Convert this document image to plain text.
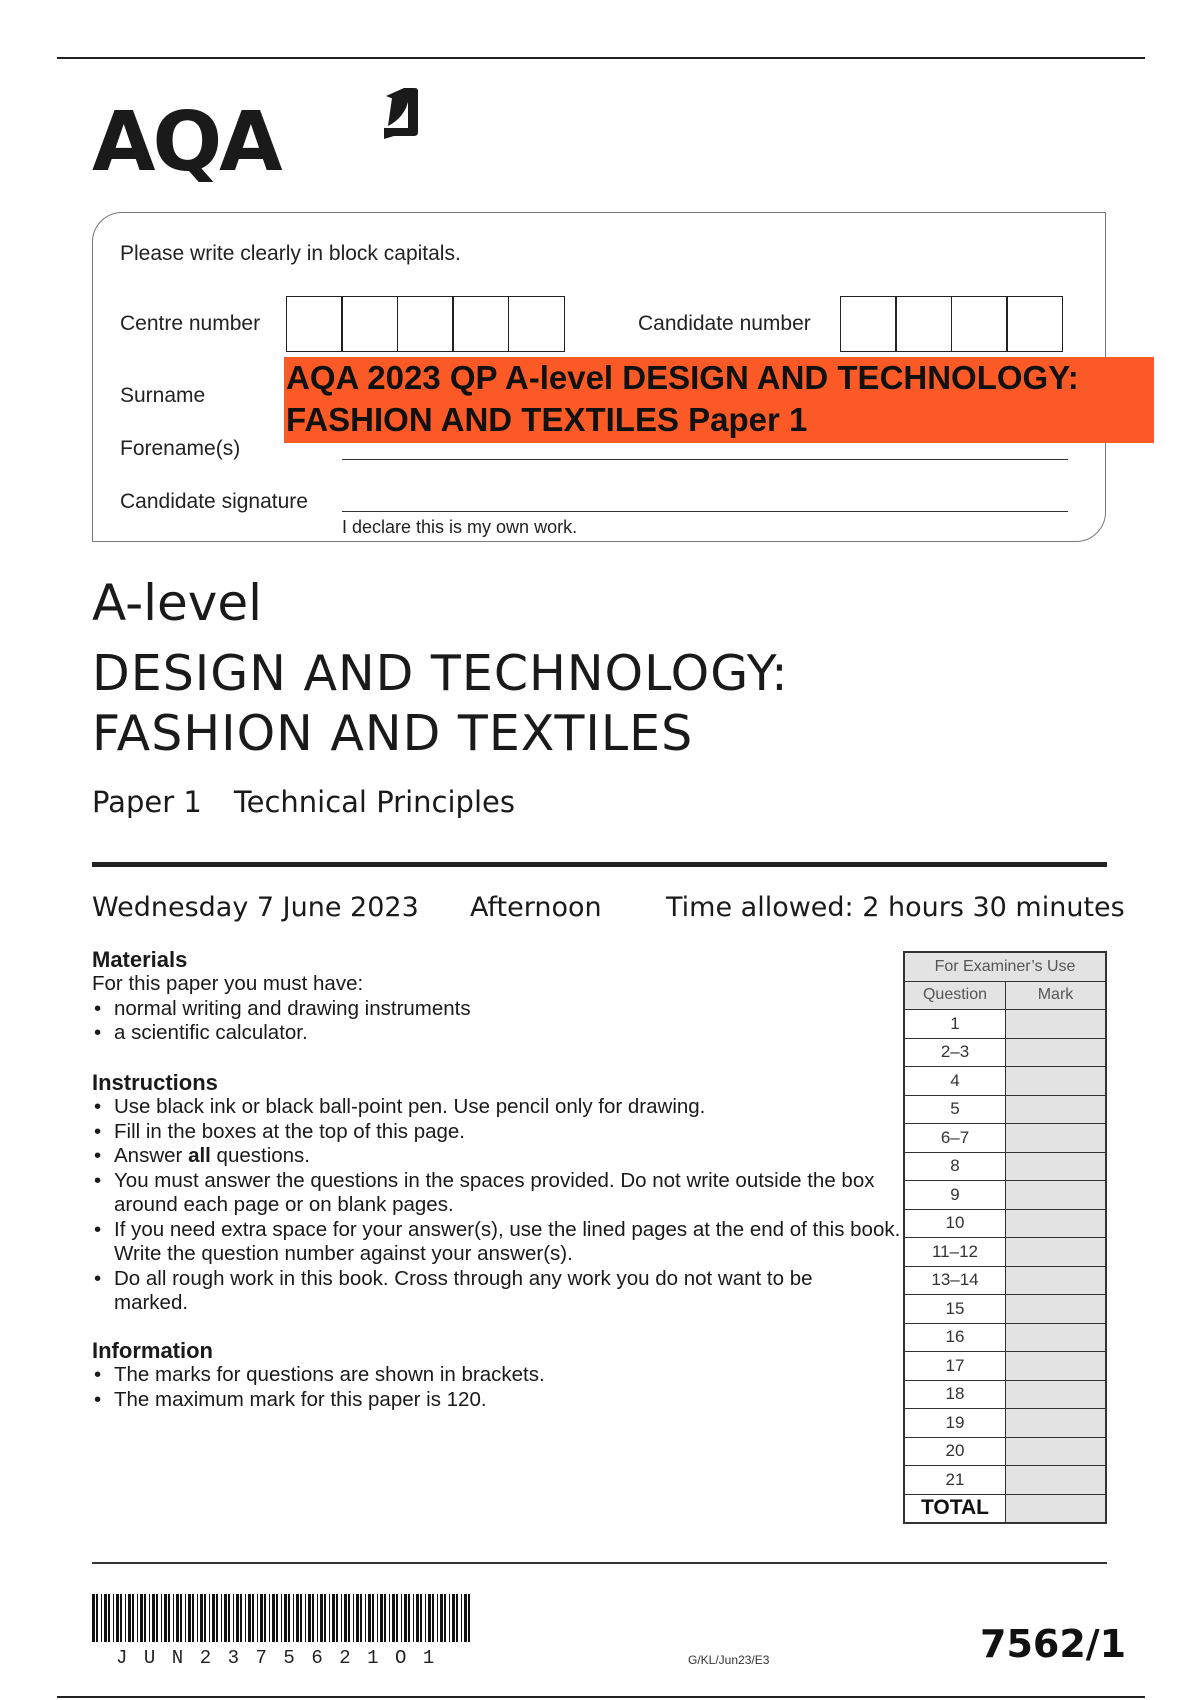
AQA
Please write clearly in block capitals.
Centre number	Candidate number
Surname
Forename(s)
Candidate signature
I declare this is my own work.
AQA 2023 QP A-level DESIGN AND TECHNOLOGY:
FASHION AND TEXTILES Paper 1
A-level
DESIGN AND TECHNOLOGY:
FASHION AND TEXTILES
Paper 1 Technical Principles
Wednesday 7 June 2023 Afternoon Time allowed: 2 hours 30 minutes
Materials
For this paper you must have:
• normal writing and drawing instruments
• a scientific calculator.
Instructions
• Use black ink or black ball-point pen. Use pencil only for drawing.
• Fill in the boxes at the top of this page.
• Answer all questions.
• You must answer the questions in the spaces provided. Do not write outside the box around each page or on blank pages.
• If you need extra space for your answer(s), use the lined pages at the end of this book. Write the question number against your answer(s).
• Do all rough work in this book. Cross through any work you do not want to be marked.
Information
• The marks for questions are shown in brackets.
• The maximum mark for this paper is 120.
For Examiner’s Use	
Question	Mark
1	
2–3	
4	
5	
6–7	
8	
9	
10	
11–12	
13–14	
15	
16	
17	
18	
19	
20	
21	
TOTAL	
JUN2375621O1	G/KL/Jun23/E3	7562/1
